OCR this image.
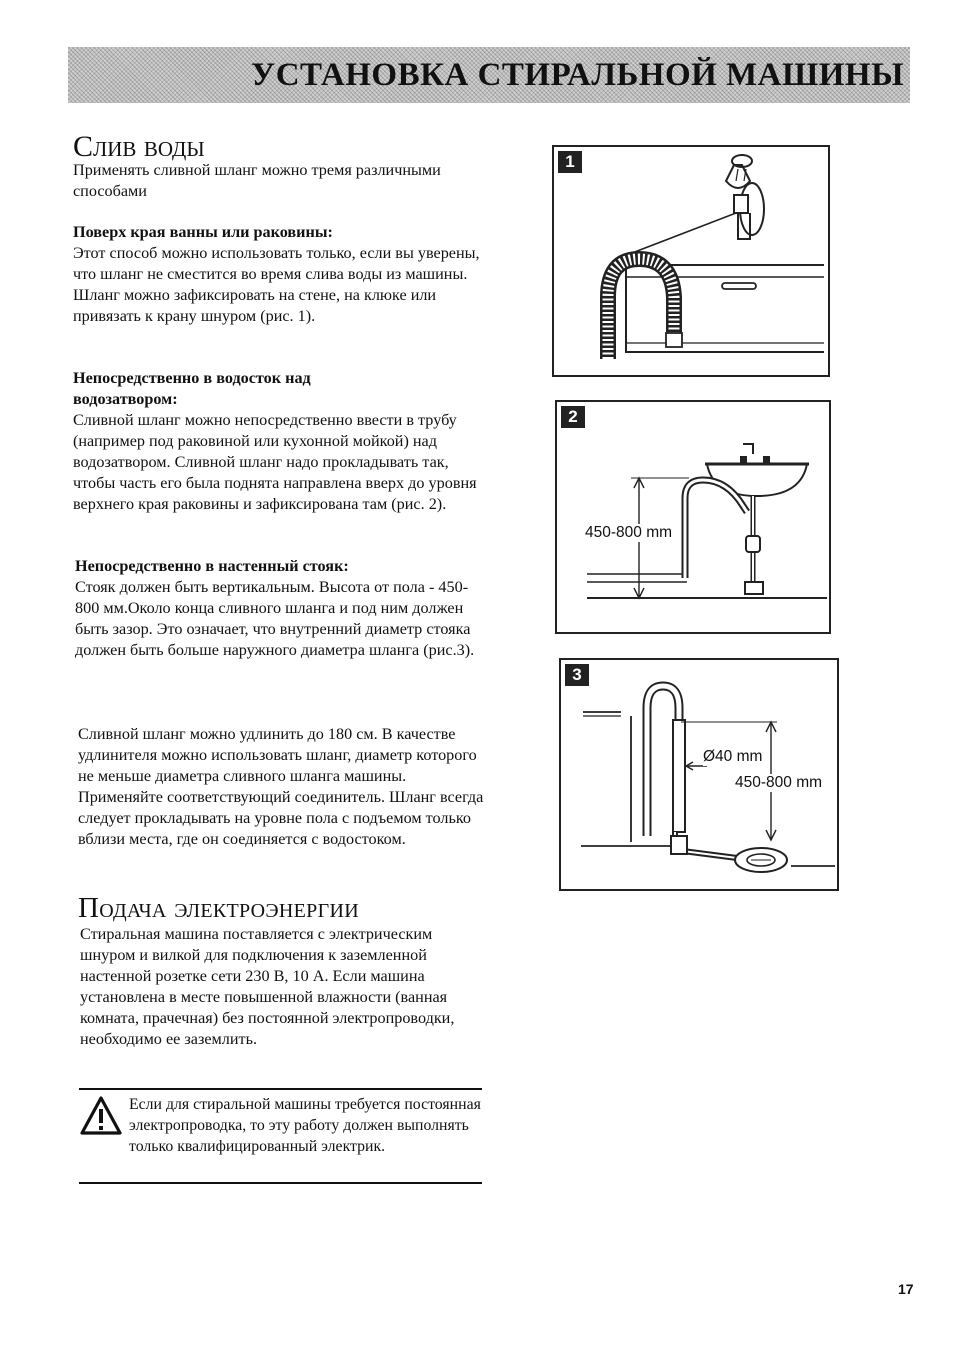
УСТАНОВКА СТИРАЛЬНОЙ МАШИНЫ
Слив воды

Применять сливной шланг можно тремя различными способами

Поверх края ванны или раковины:

Этот способ можно использовать только, если вы уверены, что шланг не сместится во время слива воды из машины. Шланг можно зафиксировать на стене, на клюке или привязать к крану шнуром (рис. 1).

Непосредственно в водосток над водозатвором:

Сливной шланг можно непосредственно ввести в трубу (например под раковиной или кухонной мойкой) над водозатвором. Сливной шланг надо прокладывать так, чтобы часть его была поднята направлена вверх до уровня верхнего края раковины и зафиксирована там (рис. 2).

Непосредственно в настенный стояк:

Стояк должен быть вертикальным. Высота от пола - 450-800 мм.Около конца сливного шланга и под ним должен быть зазор. Это означает, что внутренний диаметр стояка должен быть больше наружного диаметра шланга (рис.3).

Сливной шланг можно удлинить до 180 см. В качестве удлинителя можно использовать шланг, диаметр которого не меньше диаметра сливного шланга машины. Применяйте соответствующий соединитель. Шланг всегда следует прокладывать на уровне пола с подъемом только вблизи места, где он соединяется с водостоком.

Подача электроэнергии

Стиральная машина поставляется с электрическим шнуром и вилкой для подключения к заземленной настенной розетке сети 230 В, 10 А. Если машина установлена в месте повышенной влажности (ванная комната, прачечная) без постоянной электропроводки, необходимо ее заземлить.

Если для стиральной машины требуется постоянная электропроводка, то эту работу должен выполнять только квалифицированный электрик.

1
2
450-800 mm
3
Ø40 mm
450-800 mm
17
